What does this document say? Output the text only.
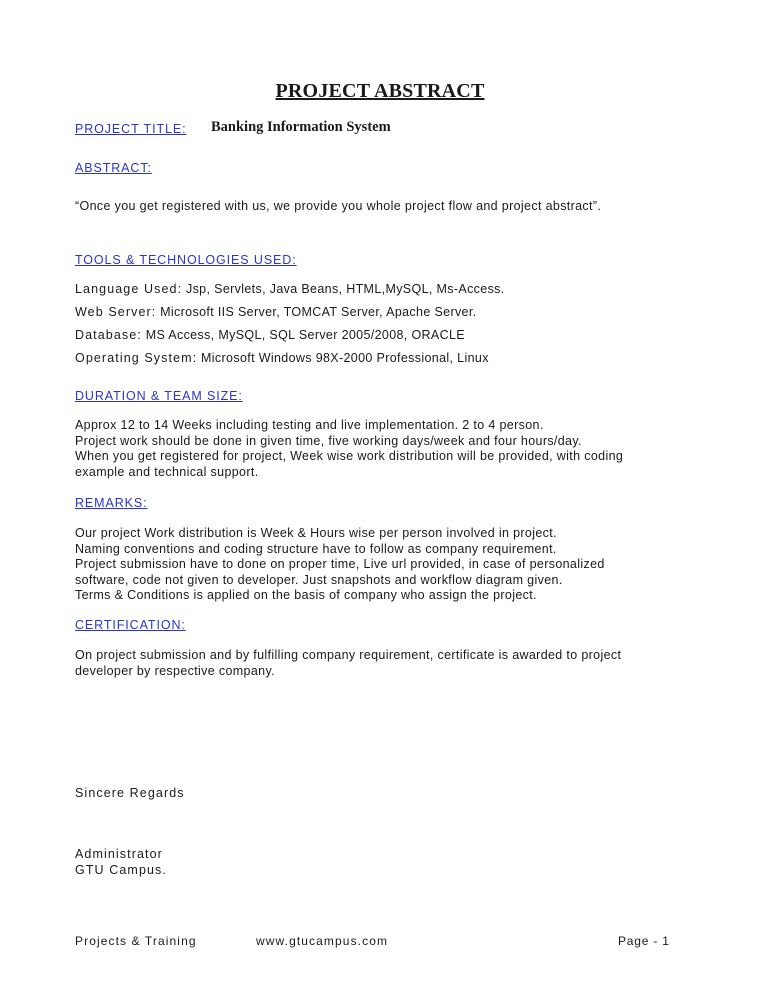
PROJECT ABSTRACT
PROJECT TITLE: Banking Information System
ABSTRACT:
“Once you get registered with us, we provide you whole project flow and project abstract”.
TOOLS & TECHNOLOGIES USED:
Language Used: Jsp, Servlets, Java Beans, HTML,MySQL, Ms-Access.
Web Server: Microsoft IIS Server, TOMCAT Server, Apache Server.
Database: MS Access, MySQL, SQL Server 2005/2008, ORACLE
Operating System: Microsoft Windows 98X-2000 Professional, Linux
DURATION & TEAM SIZE:
Approx 12 to 14 Weeks including testing and live implementation. 2 to 4 person.
Project work should be done in given time, five working days/week and four hours/day.
When you get registered for project, Week wise work distribution will be provided, with coding
example and technical support.
REMARKS:
Our project Work distribution is Week & Hours wise per person involved in project.
Naming conventions and coding structure have to follow as company requirement.
Project submission have to done on proper time, Live url provided, in case of personalized
software, code not given to developer. Just snapshots and workflow diagram given.
Terms & Conditions is applied on the basis of company who assign the project.
CERTIFICATION:
On project submission and by fulfilling company requirement, certificate is awarded to project
developer by respective company.
Sincere Regards
Administrator
GTU Campus.
Projects & Training	www.gtucampus.com	Page - 1
